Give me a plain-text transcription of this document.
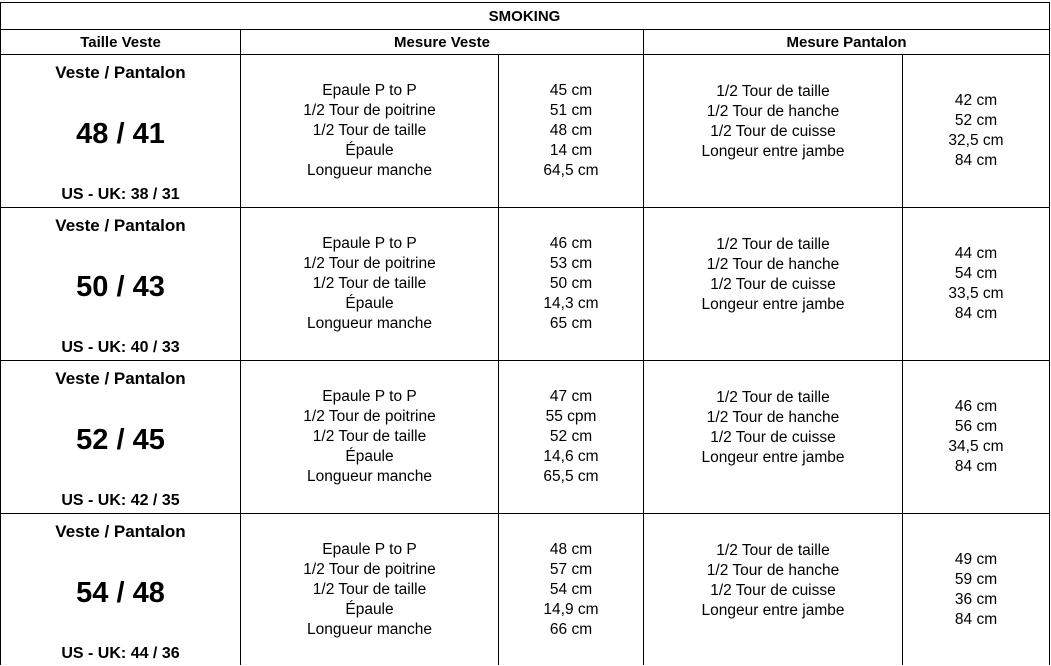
SMOKING
Taille Veste	Mesure Veste	Mesure Pantalon
Veste / Pantalon
48 / 41
US - UK: 38 / 31
Epaule P to P
1/2 Tour de poitrine
1/2 Tour de taille
Épaule
Longueur manche
45 cm
51 cm
48 cm
14 cm
64,5 cm
1/2 Tour de taille
1/2 Tour de hanche
1/2 Tour de cuisse
Longeur entre jambe
42 cm
52 cm
32,5 cm
84 cm
Veste / Pantalon
50 / 43
US - UK: 40 / 33
Epaule P to P
1/2 Tour de poitrine
1/2 Tour de taille
Épaule
Longueur manche
46 cm
53 cm
50 cm
14,3 cm
65 cm
1/2 Tour de taille
1/2 Tour de hanche
1/2 Tour de cuisse
Longeur entre jambe
44 cm
54 cm
33,5 cm
84 cm
Veste / Pantalon
52 / 45
US - UK: 42 / 35
Epaule P to P
1/2 Tour de poitrine
1/2 Tour de taille
Épaule
Longueur manche
47 cm
55 cpm
52 cm
14,6 cm
65,5 cm
1/2 Tour de taille
1/2 Tour de hanche
1/2 Tour de cuisse
Longeur entre jambe
46 cm
56 cm
34,5 cm
84 cm
Veste / Pantalon
54 / 48
US - UK: 44 / 36
Epaule P to P
1/2 Tour de poitrine
1/2 Tour de taille
Épaule
Longueur manche
48 cm
57 cm
54 cm
14,9 cm
66 cm
1/2 Tour de taille
1/2 Tour de hanche
1/2 Tour de cuisse
Longeur entre jambe
49 cm
59 cm
36 cm
84 cm
